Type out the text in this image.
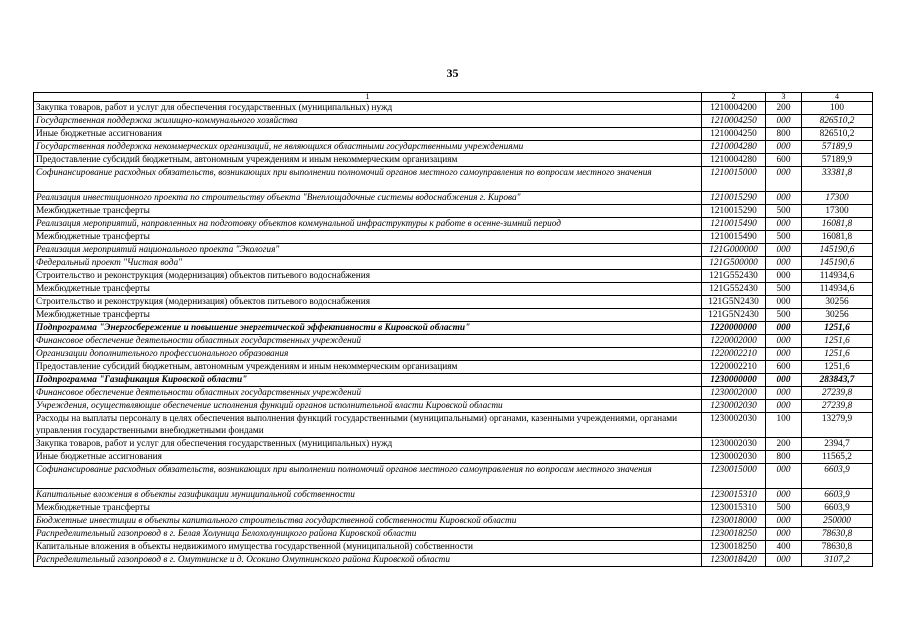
35
1	2	3	4
Закупка товаров, работ и услуг для обеспечения государственных (муниципальных) нужд	1210004200	200	100
Государственная поддержка жилищно-коммунального хозяйства	1210004250	000	826510,2
Иные бюджетные ассигнования	1210004250	800	826510,2
Государственная поддержка некоммерческих организаций, не являющихся областными государственными учреждениями	1210004280	000	57189,9
Предоставление субсидий бюджетным, автономным учреждениям и иным некоммерческим организациям	1210004280	600	57189,9
Софинансирование расходных обязательств, возникающих при выполнении полномочий органов местного самоуправления по вопросам местного значения	1210015000	000	33381,8
Реализация инвестиционного проекта по строительству объекта "Внеплощадочные системы водоснабжения г. Кирова"	1210015290	000	17300
Межбюджетные трансферты	1210015290	500	17300
Реализация мероприятий, направленных на подготовку объектов коммунальной инфраструктуры к работе в осенне-зимний период	1210015490	000	16081,8
Межбюджетные трансферты	1210015490	500	16081,8
Реализация мероприятий национального проекта "Экология"	121G000000	000	145190,6
Федеральный проект "Чистая вода"	121G500000	000	145190,6
Строительство и реконструкция (модернизация) объектов питьевого водоснабжения	121G552430	000	114934,6
Межбюджетные трансферты	121G552430	500	114934,6
Строительство и реконструкция (модернизация) объектов питьевого водоснабжения	121G5N2430	000	30256
Межбюджетные трансферты	121G5N2430	500	30256
Подпрограмма "Энергосбережение и повышение энергетической эффективности в Кировской области"	1220000000	000	1251,6
Финансовое обеспечение деятельности областных государственных учреждений	1220002000	000	1251,6
Организации дополнительного профессионального образования	1220002210	000	1251,6
Предоставление субсидий бюджетным, автономным учреждениям и иным некоммерческим организациям	1220002210	600	1251,6
Подпрограмма "Газификация Кировской области"	1230000000	000	283843,7
Финансовое обеспечение деятельности областных государственных учреждений	1230002000	000	27239,8
Учреждения, осуществляющие обеспечение исполнения функций органов исполнительной власти Кировской области	1230002030	000	27239,8
Расходы на выплаты персоналу в целях обеспечения выполнения функций государственными (муниципальными) органами, казенными учреждениями, органами управления государственными внебюджетными фондами	1230002030	100	13279,9
Закупка товаров, работ и услуг для обеспечения государственных (муниципальных) нужд	1230002030	200	2394,7
Иные бюджетные ассигнования	1230002030	800	11565,2
Софинансирование расходных обязательств, возникающих при выполнении полномочий органов местного самоуправления по вопросам местного значения	1230015000	000	6603,9
Капитальные вложения в объекты газификации муниципальной собственности	1230015310	000	6603,9
Межбюджетные трансферты	1230015310	500	6603,9
Бюджетные инвестиции в объекты капитального строительства государственной собственности Кировской области	1230018000	000	250000
Распределительный газопровод в г. Белая Холуница Белохолуницкого района Кировской области	1230018250	000	78630,8
Капитальные вложения в объекты недвижимого имущества государственной (муниципальной) собственности	1230018250	400	78630,8
Распределительный газопровод в г. Омутнинске и д. Осокино Омутнинского района Кировской области	1230018420	000	3107,2
